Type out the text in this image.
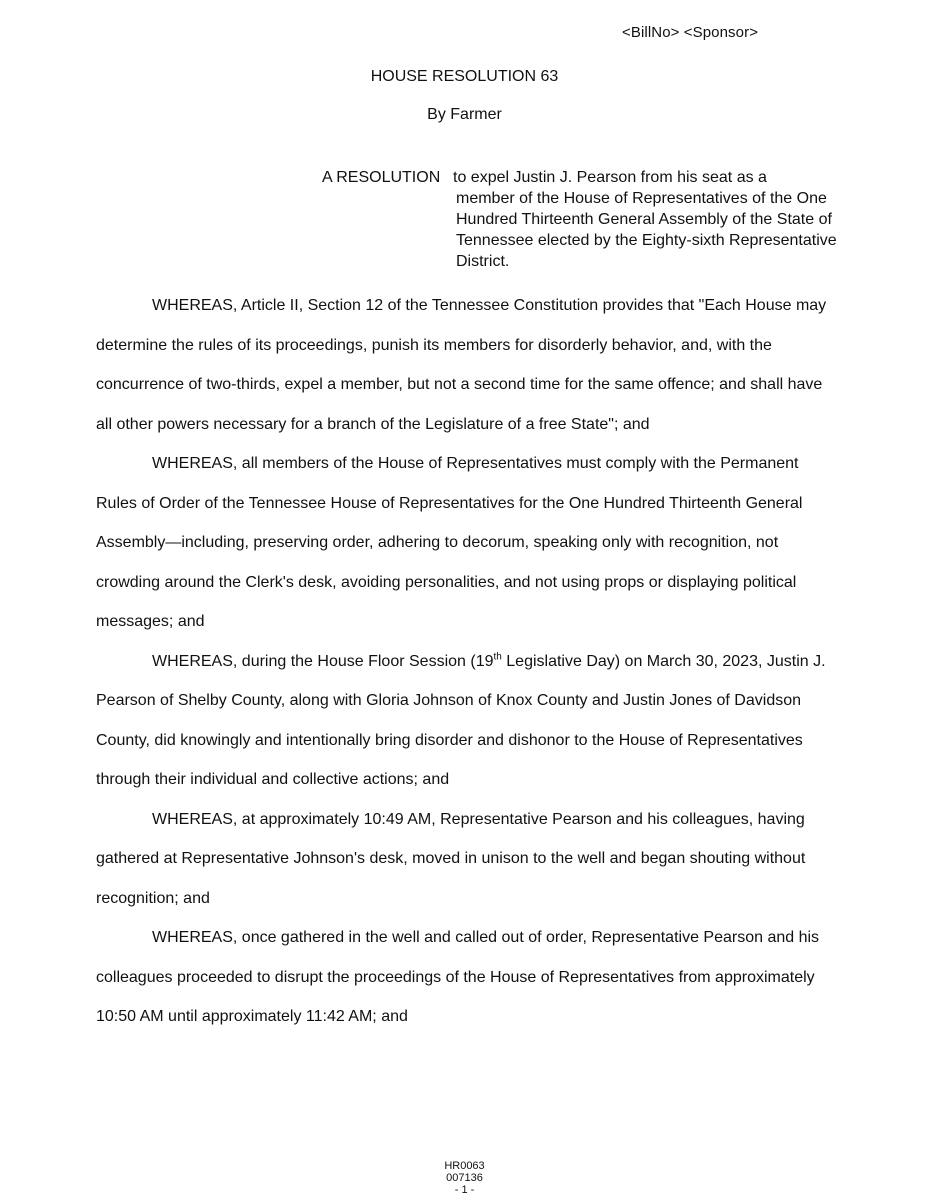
<BillNo> <Sponsor>
HOUSE RESOLUTION 63
By Farmer
A RESOLUTION to expel Justin J. Pearson from his seat as a
member of the House of Representatives of the One Hundred Thirteenth General Assembly of the State of Tennessee elected by the Eighty-sixth Representative District.

WHEREAS, Article II, Section 12 of the Tennessee Constitution provides that "Each House may determine the rules of its proceedings, punish its members for disorderly behavior, and, with the concurrence of two-thirds, expel a member, but not a second time for the same offence; and shall have all other powers necessary for a branch of the Legislature of a free State"; and

WHEREAS, all members of the House of Representatives must comply with the Permanent Rules of Order of the Tennessee House of Representatives for the One Hundred Thirteenth General Assembly—including, preserving order, adhering to decorum, speaking only with recognition, not crowding around the Clerk's desk, avoiding personalities, and not using props or displaying political messages; and

WHEREAS, during the House Floor Session (19th Legislative Day) on March 30, 2023, Justin J. Pearson of Shelby County, along with Gloria Johnson of Knox County and Justin Jones of Davidson County, did knowingly and intentionally bring disorder and dishonor to the House of Representatives through their individual and collective actions; and

WHEREAS, at approximately 10:49 AM, Representative Pearson and his colleagues, having gathered at Representative Johnson's desk, moved in unison to the well and began shouting without recognition; and

WHEREAS, once gathered in the well and called out of order, Representative Pearson and his colleagues proceeded to disrupt the proceedings of the House of Representatives from approximately 10:50 AM until approximately 11:42 AM; and

HR0063
007136
- 1 -
